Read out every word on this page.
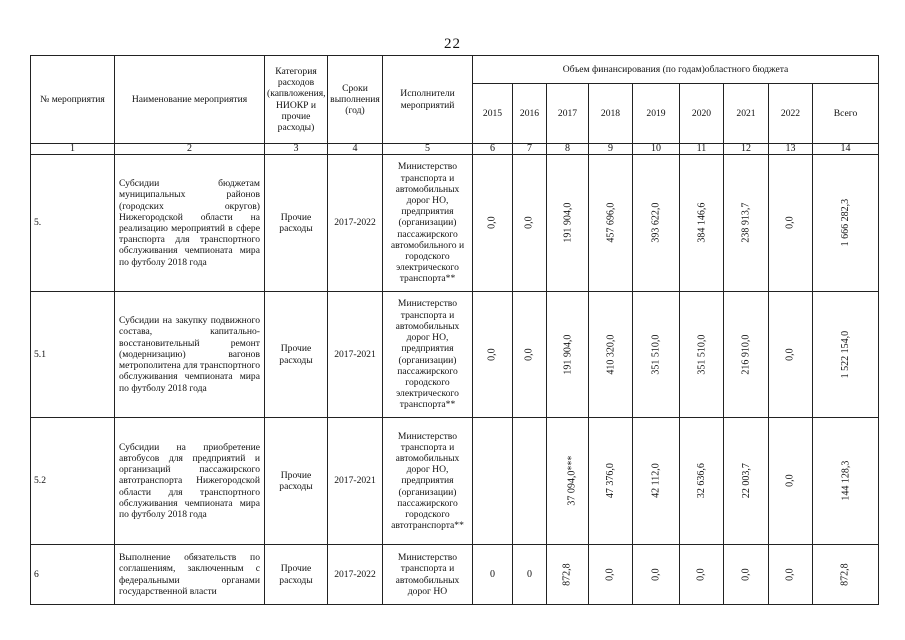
22
№ мероприятия	Наименование мероприятия	Категория расходов (капвложения, НИОКР и прочие расходы)	Сроки выполнения (год)	Исполнители мероприятий	Объем финансирования (по годам)областного бюджета								
					2015	2016	2017	2018	2019	2020	2021	2022	Всего
1	2	3	4	5	6	7	8	9	10	11	12	13	14
5.	Субсидии бюджетам муниципальных районов (городских округов) Нижегородской области на реализацию мероприятий в сфере транспорта для транспортного обслуживания чемпионата мира по футболу 2018 года	Прочие расходы	2017-2022	Министерство транспорта и автомобильных дорог НО, предприятия (организации) пассажирского автомобильного и городского электрического транспорта**	0,0	0,0	191 904,0	457 696,0	393 622,0	384 146,6	238 913,7	0,0	1 666 282,3
5.1	Субсидии на закупку подвижного состава, капитально-восстановительный ремонт (модернизацию) вагонов метрополитена для транспортного обслуживания чемпионата мира по футболу 2018 года	Прочие расходы	2017-2021	Министерство транспорта и автомобильных дорог НО, предприятия (организации) пассажирского городского электрического транспорта**	0,0	0,0	191 904,0	410 320,0	351 510,0	351 510,0	216 910,0	0,0	1 522 154,0
5.2	Субсидии на приобретение автобусов для предприятий и организаций пассажирского автотранспорта Нижегородской области для транспортного обслуживания чемпионата мира по футболу 2018 года	Прочие расходы	2017-2021	Министерство транспорта и автомобильных дорог НО, предприятия (организации) пассажирского городского автотранспорта**			37 094,0***	47 376,0	42 112,0	32 636,6	22 003,7	0,0	144 128,3
6	Выполнение обязательств по соглашениям, заключенным с федеральными органами государственной власти	Прочие расходы	2017-2022	Министерство транспорта и автомобильных дорог НО	0	0	872,8	0,0	0,0	0,0	0,0	0,0	872,8
